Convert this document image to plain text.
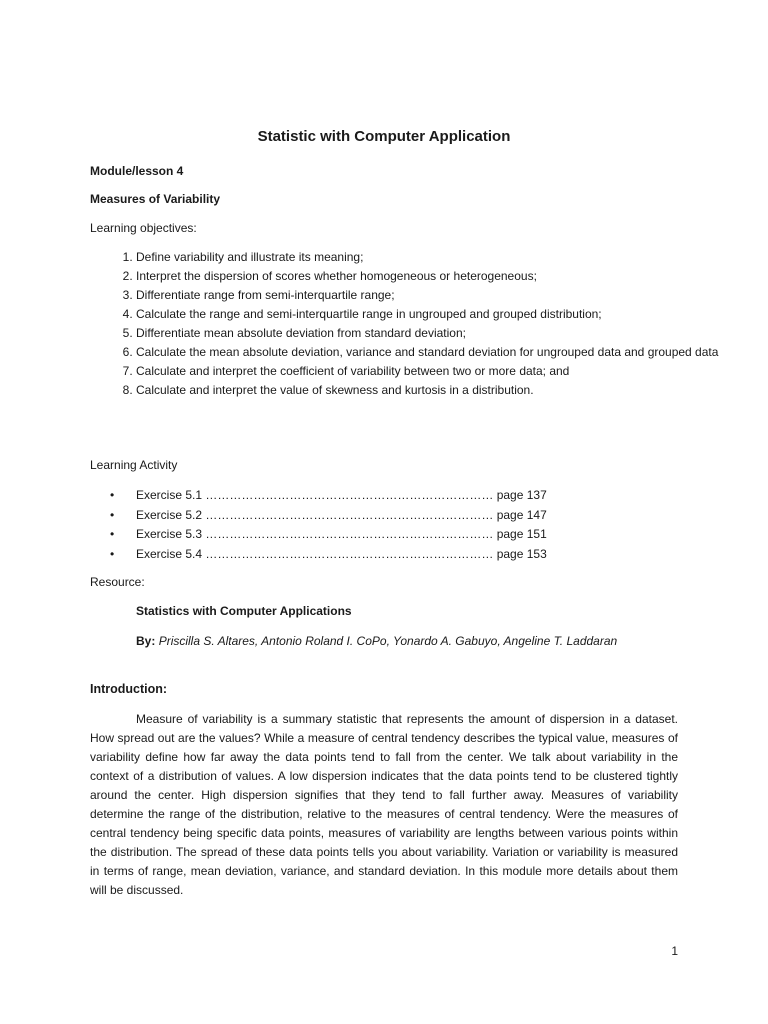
Statistic with Computer Application
Module/lesson 4
Measures of Variability
Learning objectives:
1. Define variability and illustrate its meaning;
2. Interpret the dispersion of scores whether homogeneous or heterogeneous;
3. Differentiate range from semi-interquartile range;
4. Calculate the range and semi-interquartile range in ungrouped and grouped distribution;
5. Differentiate mean absolute deviation from standard deviation;
6. Calculate the mean absolute deviation, variance and standard deviation for ungrouped data and grouped data
7. Calculate and interpret the coefficient of variability between two or more data; and
8. Calculate and interpret the value of skewness and kurtosis in a distribution.
Learning Activity
• Exercise 5.1 ……………………………………………………………… page 137
• Exercise 5.2 ……………………………………………………………… page 147
• Exercise 5.3 ……………………………………………………………… page 151
• Exercise 5.4 ……………………………………………………………… page 153
Resource:
Statistics with Computer Applications
By: Priscilla S. Altares, Antonio Roland I. CoPo, Yonardo A. Gabuyo, Angeline T. Laddaran
Introduction:

Measure of variability is a summary statistic that represents the amount of dispersion in a dataset. How spread out are the values? While a measure of central tendency describes the typical value, measures of variability define how far away the data points tend to fall from the center. We talk about variability in the context of a distribution of values. A low dispersion indicates that the data points tend to be clustered tightly around the center. High dispersion signifies that they tend to fall further away. Measures of variability determine the range of the distribution, relative to the measures of central tendency. Were the measures of central tendency being specific data points, measures of variability are lengths between various points within the distribution. The spread of these data points tells you about variability. Variation or variability is measured in terms of range, mean deviation, variance, and standard deviation. In this module more details about them will be discussed.

1
